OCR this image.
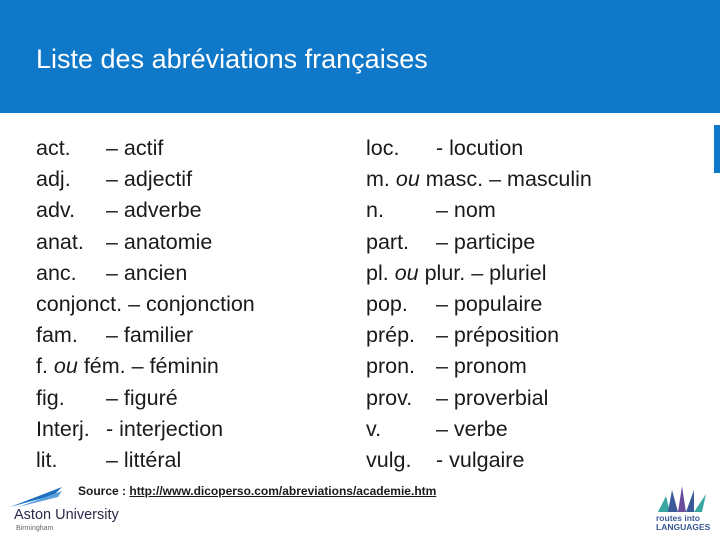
Liste des abréviations françaises
act.	– actif
adj.	– adjectif
adv.	– adverbe
anat.	– anatomie
anc.	– ancien
conjonct. – conjonction
fam.	– familier
f. ou fém. – féminin
fig.	– figuré
Interj. - interjection
lit.	– littéral
loc.	- locution
m. ou masc. – masculin
n.	– nom
part.	– participe
pl. ou plur. – pluriel
pop.	– populaire
prép. – préposition
pron. – pronom
prov.	– proverbial
v.	– verbe
vulg.	- vulgaire
Source : http://www.dicoperso.com/abreviations/academie.htm
Aston University
Birmingham
routes into
LANGUAGES
